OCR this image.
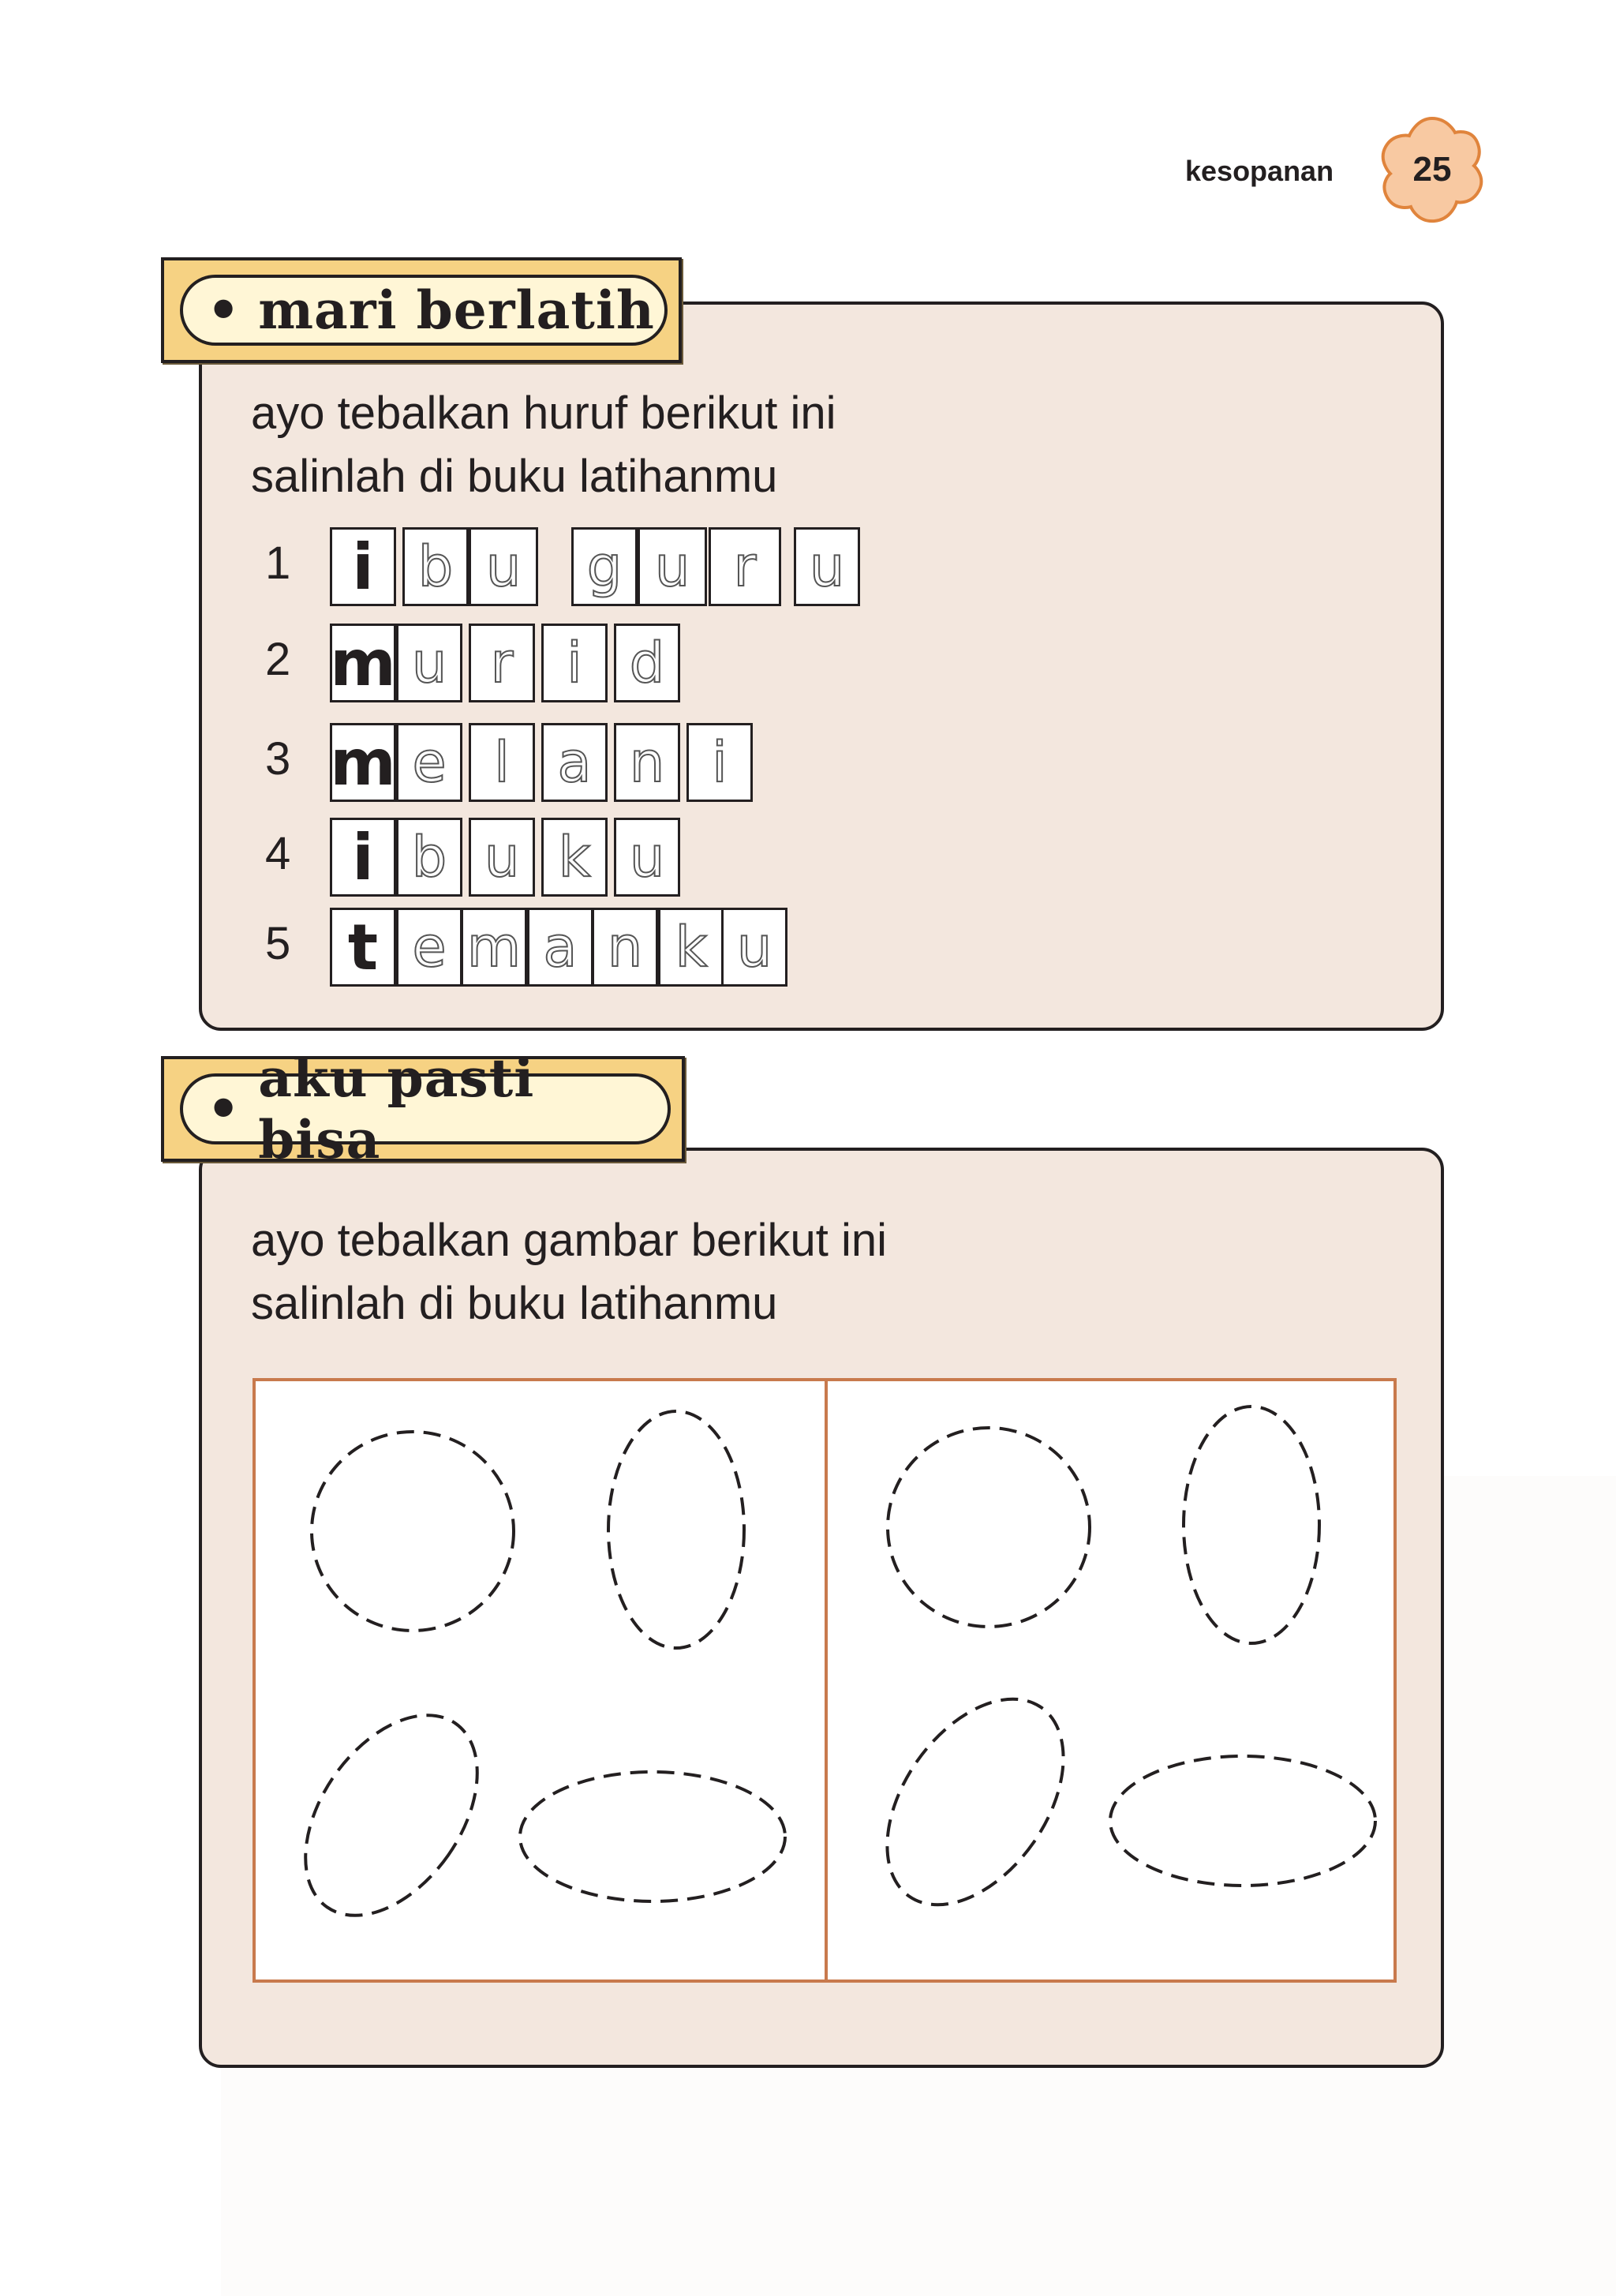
kesopanan	25
• mari berlatih
ayo tebalkan huruf berikut ini
salinlah di buku latihanmu
1 i b u g u r u
2 m u r i d
3 m e l a n i
4 i b u k u
5 t e m a n k u
• aku pasti bisa
ayo tebalkan gambar berikut ini
salinlah di buku latihanmu
